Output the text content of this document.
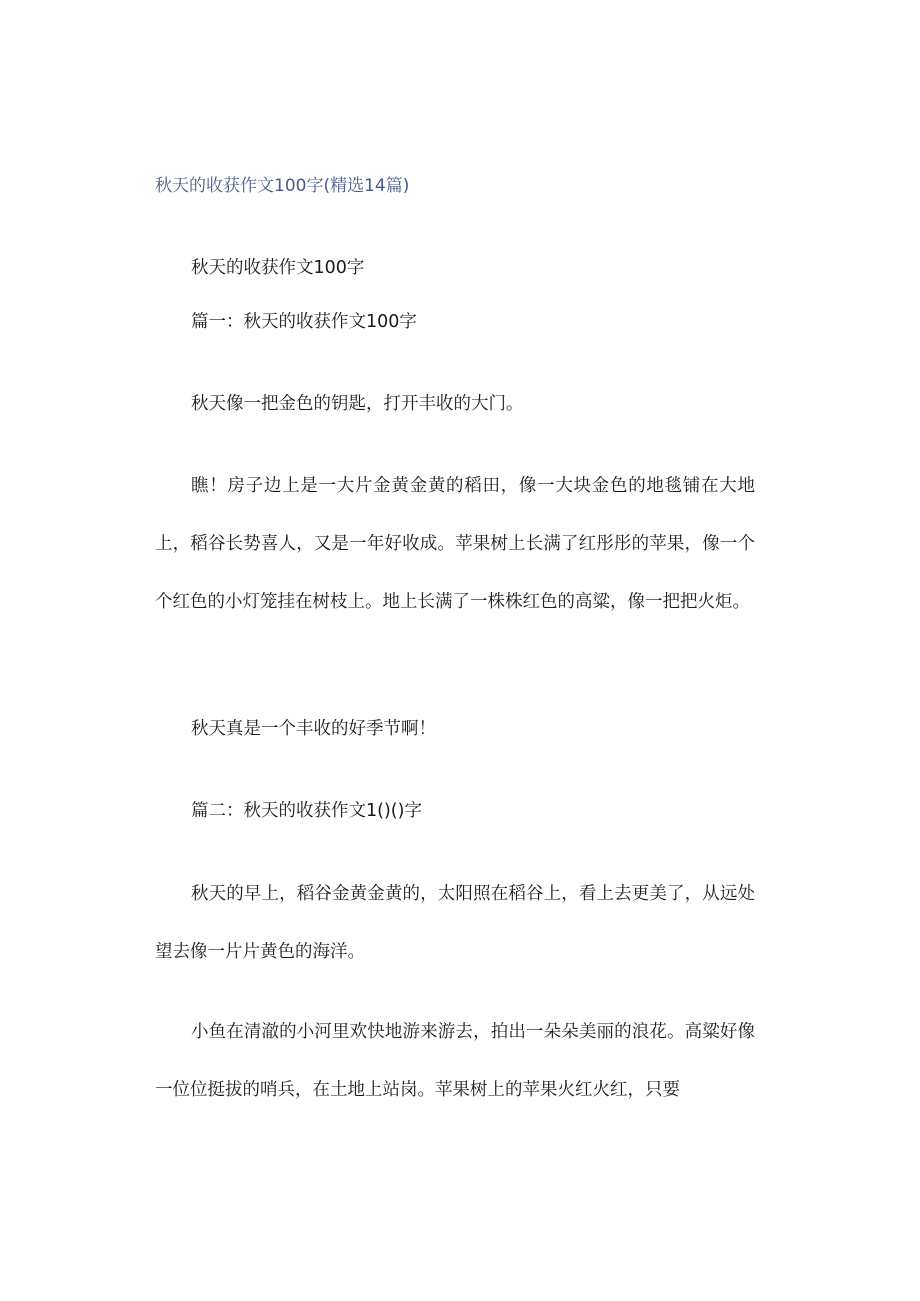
秋天的收获作文100字(精选14篇)

秋天的收获作文100字

篇一：秋天的收获作文100字

秋天像一把金色的钥匙，打开丰收的大门。

瞧！房子边上是一大片金黄金黄的稻田，像一大块金色的地毯铺在大地上，稻谷长势喜人，又是一年好收成。苹果树上长满了红彤彤的苹果，像一个个红色的小灯笼挂在树枝上。地上长满了一株株红色的高粱，像一把把火炬。

秋天真是一个丰收的好季节啊！

篇二：秋天的收获作文1()()字

秋天的早上，稻谷金黄金黄的，太阳照在稻谷上，看上去更美了，从远处望去像一片片黄色的海洋。

小鱼在清澈的小河里欢快地游来游去，拍出一朵朵美丽的浪花。高粱好像一位位挺拔的哨兵，在土地上站岗。苹果树上的苹果火红火红，只要
